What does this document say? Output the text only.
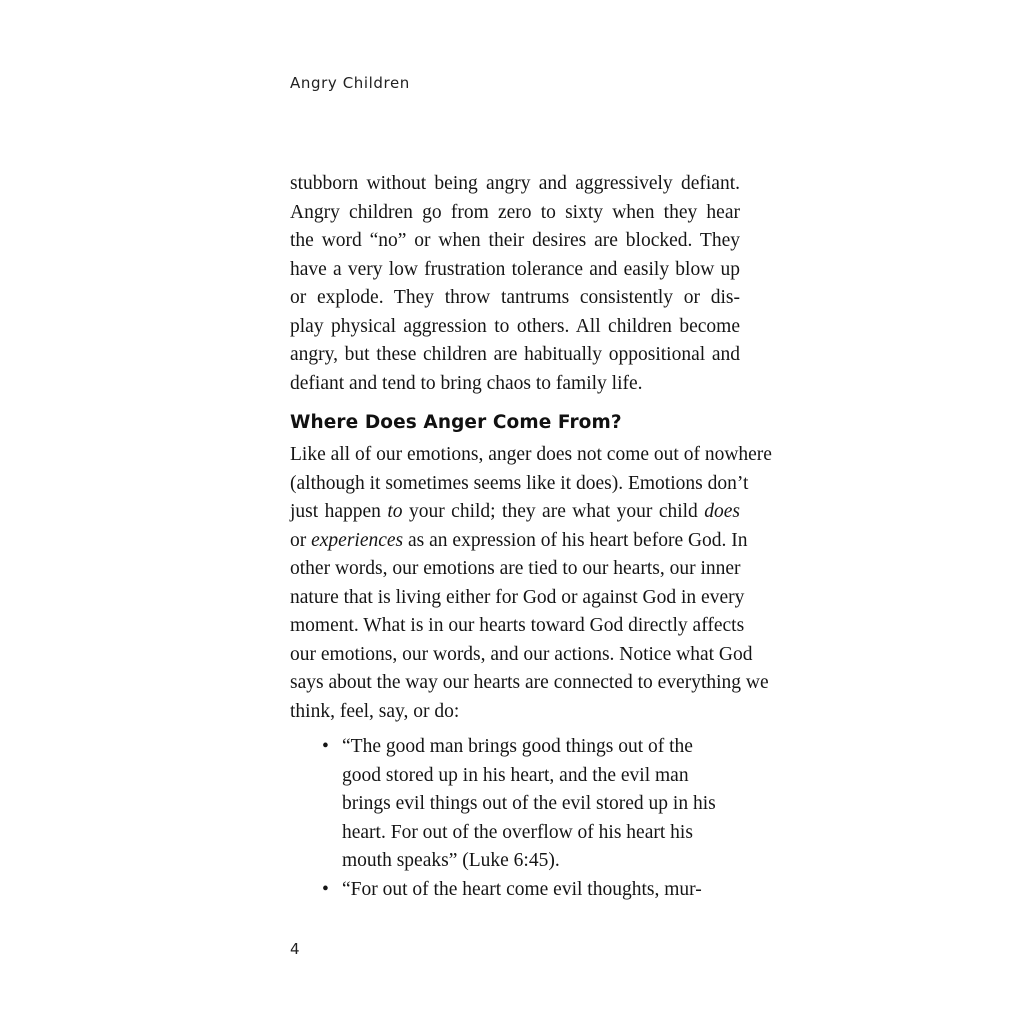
Angry Children
stubborn without being angry and aggressively defiant.
Angry children go from zero to sixty when they hear
the word “no” or when their desires are blocked. They
have a very low frustration tolerance and easily blow up
or explode. They throw tantrums consistently or dis-
play physical aggression to others. All children become
angry, but these children are habitually oppositional and
defiant and tend to bring chaos to family life.
Where Does Anger Come From?
Like all of our emotions, anger does not come out of nowhere
(although it sometimes seems like it does). Emotions don’t
just happen to your child; they are what your child does
or experiences as an expression of his heart before God. In
other words, our emotions are tied to our hearts, our inner
nature that is living either for God or against God in every
moment. What is in our hearts toward God directly affects
our emotions, our words, and our actions. Notice what God
says about the way our hearts are connected to everything we
think, feel, say, or do:
• “The good man brings good things out of the
good stored up in his heart, and the evil man
brings evil things out of the evil stored up in his
heart. For out of the overflow of his heart his
mouth speaks” (Luke 6:45).
• “For out of the heart come evil thoughts, mur-
4
